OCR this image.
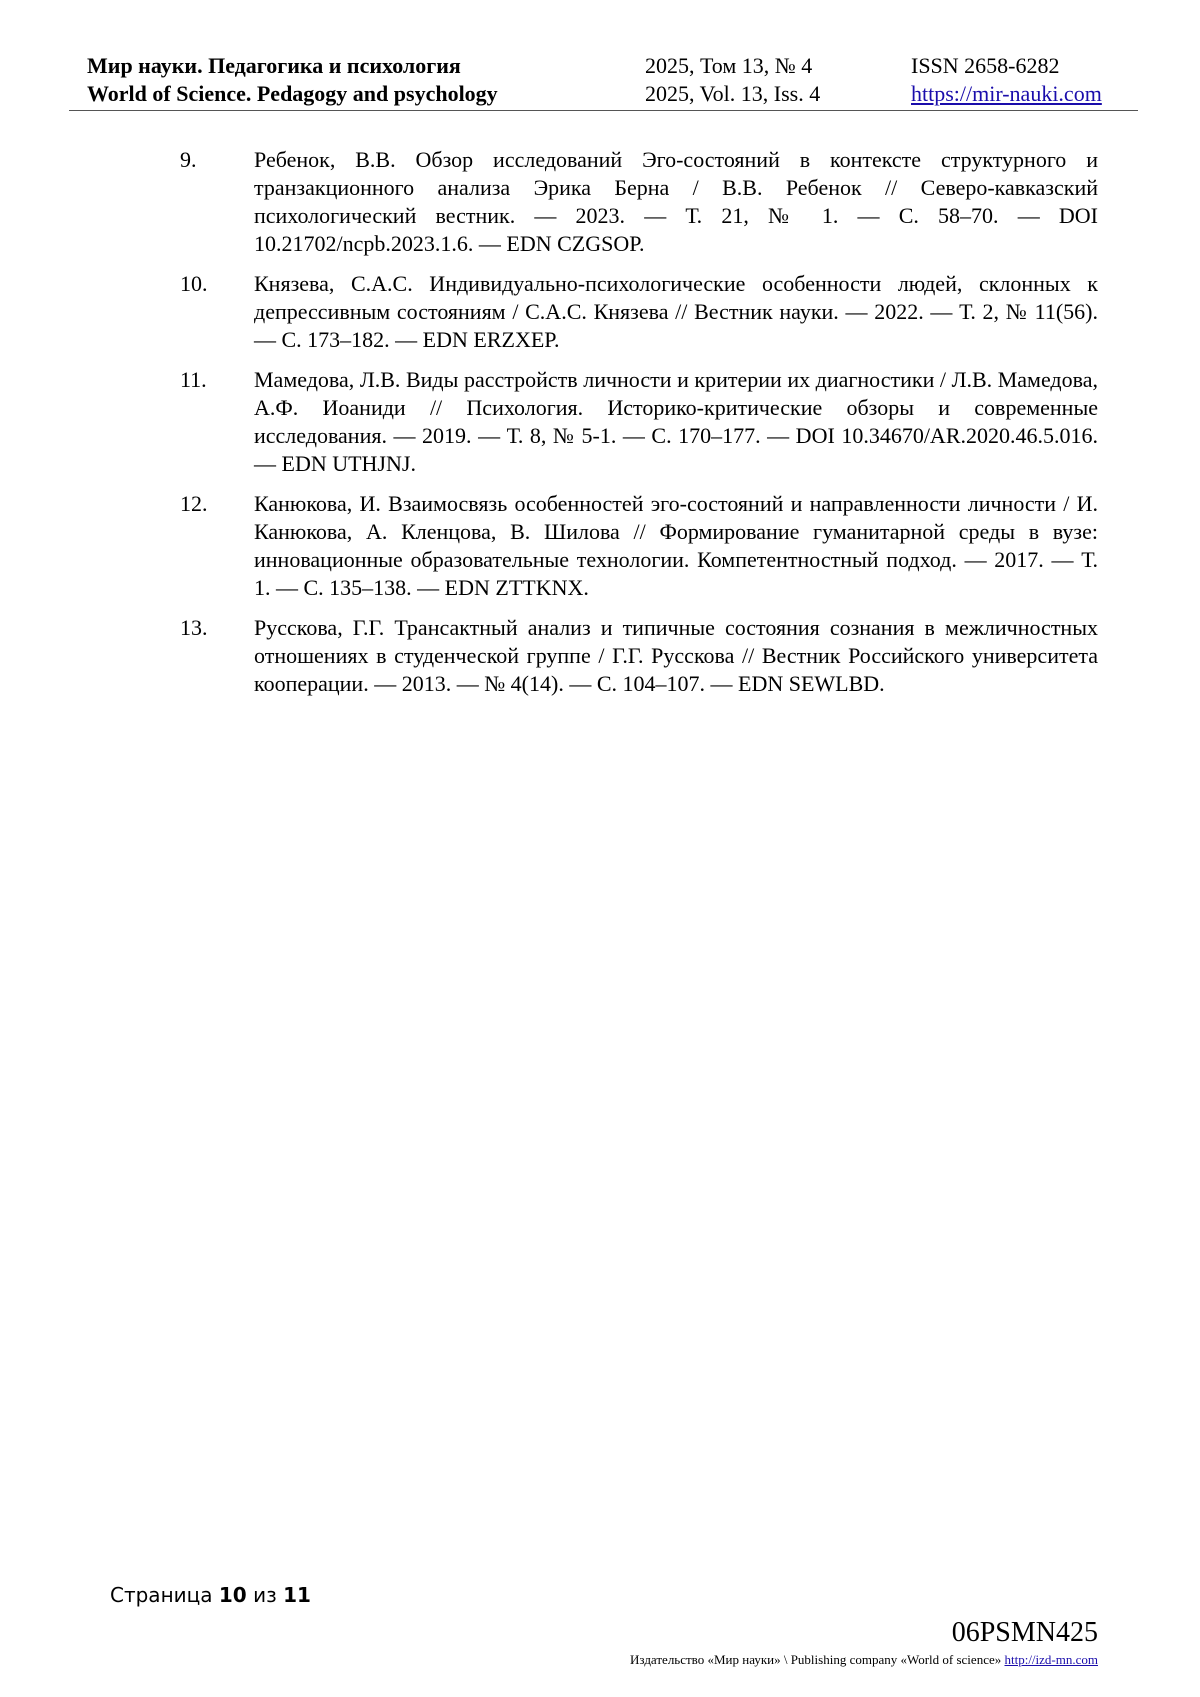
Мир науки. Педагогика и психология
World of Science. Pedagogy and psychology
2025, Том 13, № 4
2025, Vol. 13, Iss. 4
ISSN 2658-6282
https://mir-nauki.com
9.	Ребенок, В.В. Обзор исследований Эго-состояний в контексте структурного и транзакционного анализа Эрика Берна / В.В. Ребенок // Северо-кавказский психологический вестник. — 2023. — Т. 21, № 1. — С. 58–70. — DOI 10.21702/ncpb.2023.1.6. — EDN CZGSOP.
10. Князева, С.А.С. Индивидуально-психологические особенности людей, склонных к депрессивным состояниям / С.А.С. Князева // Вестник науки. — 2022. — Т. 2, № 11(56). — С. 173–182. — EDN ERZXEP.
11. Мамедова, Л.В. Виды расстройств личности и критерии их диагностики / Л.В. Мамедова, А.Ф. Иоаниди // Психология. Историко-критические обзоры и современные исследования. — 2019. — Т. 8, № 5-1. — С. 170–177. — DOI 10.34670/AR.2020.46.5.016. — EDN UTHJNJ.
12. Канюкова, И. Взаимосвязь особенностей эго-состояний и направленности личности / И. Канюкова, А. Кленцова, В. Шилова // Формирование гуманитарной среды в вузе: инновационные образовательные технологии. Компетентностный подход. — 2017. — Т. 1. — С. 135–138. — EDN ZTTKNX.
13. Русскова, Г.Г. Трансактный анализ и типичные состояния сознания в межличностных отношениях в студенческой группе / Г.Г. Русскова // Вестник Российского университета кооперации. — 2013. — № 4(14). — С. 104–107. — EDN SEWLBD.
Страница 10 из 11
06PSMN425
Издательство «Мир науки» \ Publishing company «World of science» http://izd-mn.com
